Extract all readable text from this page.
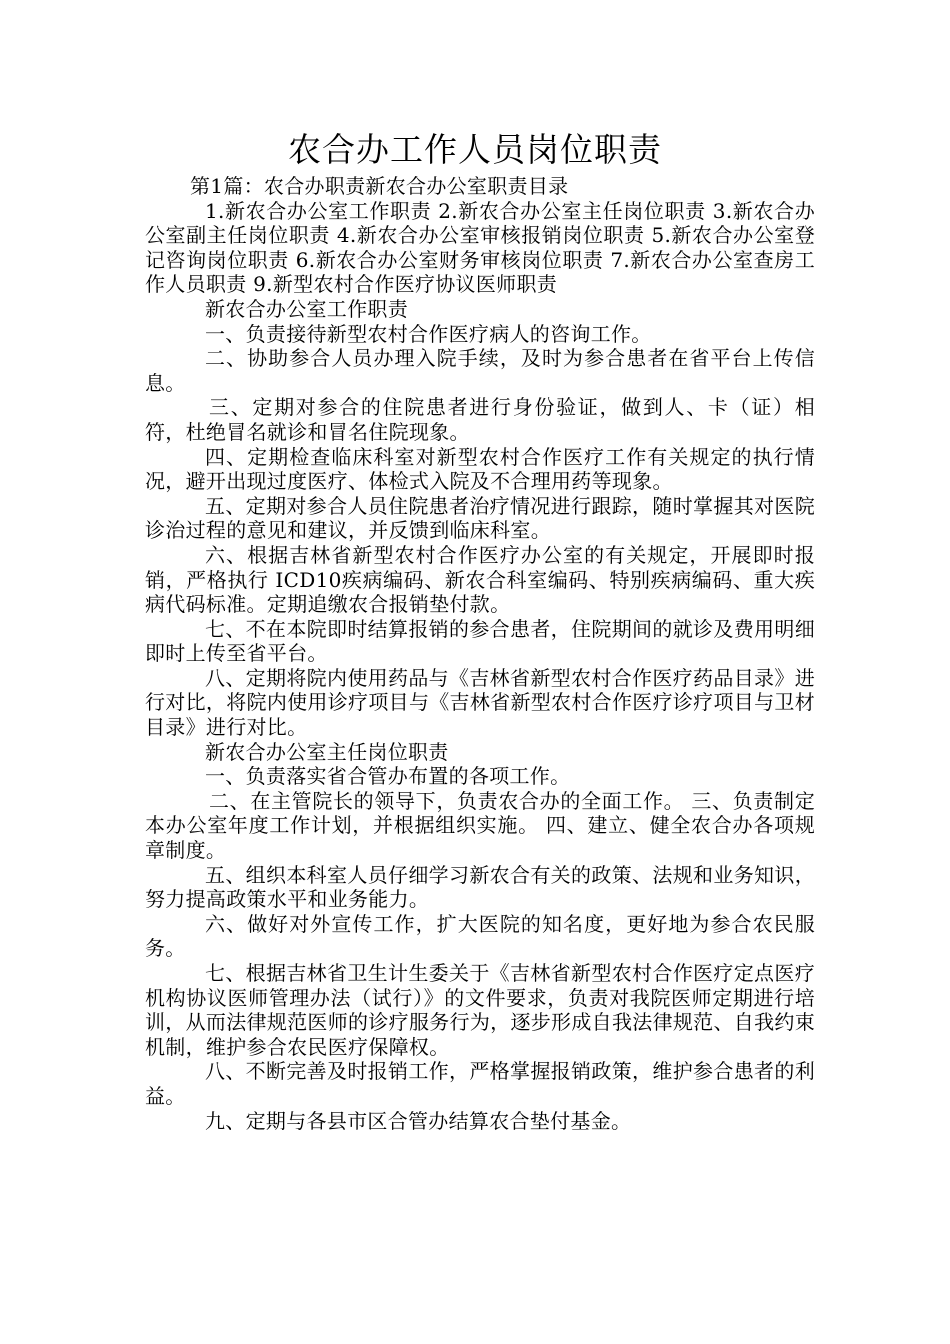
农合办工作人员岗位职责

第1篇：农合办职责新农合办公室职责目录

1.新农合办公室工作职责 2.新农合办公室主任岗位职责 3.新农合办公室副主任岗位职责 4.新农合办公室审核报销岗位职责 5.新农合办公室登记咨询岗位职责 6.新农合办公室财务审核岗位职责 7.新农合办公室查房工作人员职责 9.新型农村合作医疗协议医师职责

新农合办公室工作职责

一、负责接待新型农村合作医疗病人的咨询工作。

二、协助参合人员办理入院手续，及时为参合患者在省平台上传信息。

三、定期对参合的住院患者进行身份验证，做到人、卡（证）相符，杜绝冒名就诊和冒名住院现象。

四、定期检查临床科室对新型农村合作医疗工作有关规定的执行情况，避开出现过度医疗、体检式入院及不合理用药等现象。

五、定期对参合人员住院患者治疗情况进行跟踪，随时掌握其对医院诊治过程的意见和建议，并反馈到临床科室。

六、根据吉林省新型农村合作医疗办公室的有关规定，开展即时报销，严格执行 ICD10疾病编码、新农合科室编码、特别疾病编码、重大疾病代码标准。定期追缴农合报销垫付款。

七、不在本院即时结算报销的参合患者，住院期间的就诊及费用明细即时上传至省平台。

八、定期将院内使用药品与《吉林省新型农村合作医疗药品目录》进行对比，将院内使用诊疗项目与《吉林省新型农村合作医疗诊疗项目与卫材目录》进行对比。

新农合办公室主任岗位职责

一、负责落实省合管办布置的各项工作。

二、在主管院长的领导下，负责农合办的全面工作。 三、负责制定本办公室年度工作计划，并根据组织实施。 四、建立、健全农合办各项规章制度。

五、组织本科室人员仔细学习新农合有关的政策、法规和业务知识，努力提高政策水平和业务能力。

六、做好对外宣传工作，扩大医院的知名度，更好地为参合农民服务。

七、根据吉林省卫生计生委关于《吉林省新型农村合作医疗定点医疗机构协议医师管理办法（试行）》的文件要求，负责对我院医师定期进行培训，从而法律规范医师的诊疗服务行为，逐步形成自我法律规范、自我约束机制，维护参合农民医疗保障权。

八、不断完善及时报销工作，严格掌握报销政策，维护参合患者的利益。

九、定期与各县市区合管办结算农合垫付基金。
